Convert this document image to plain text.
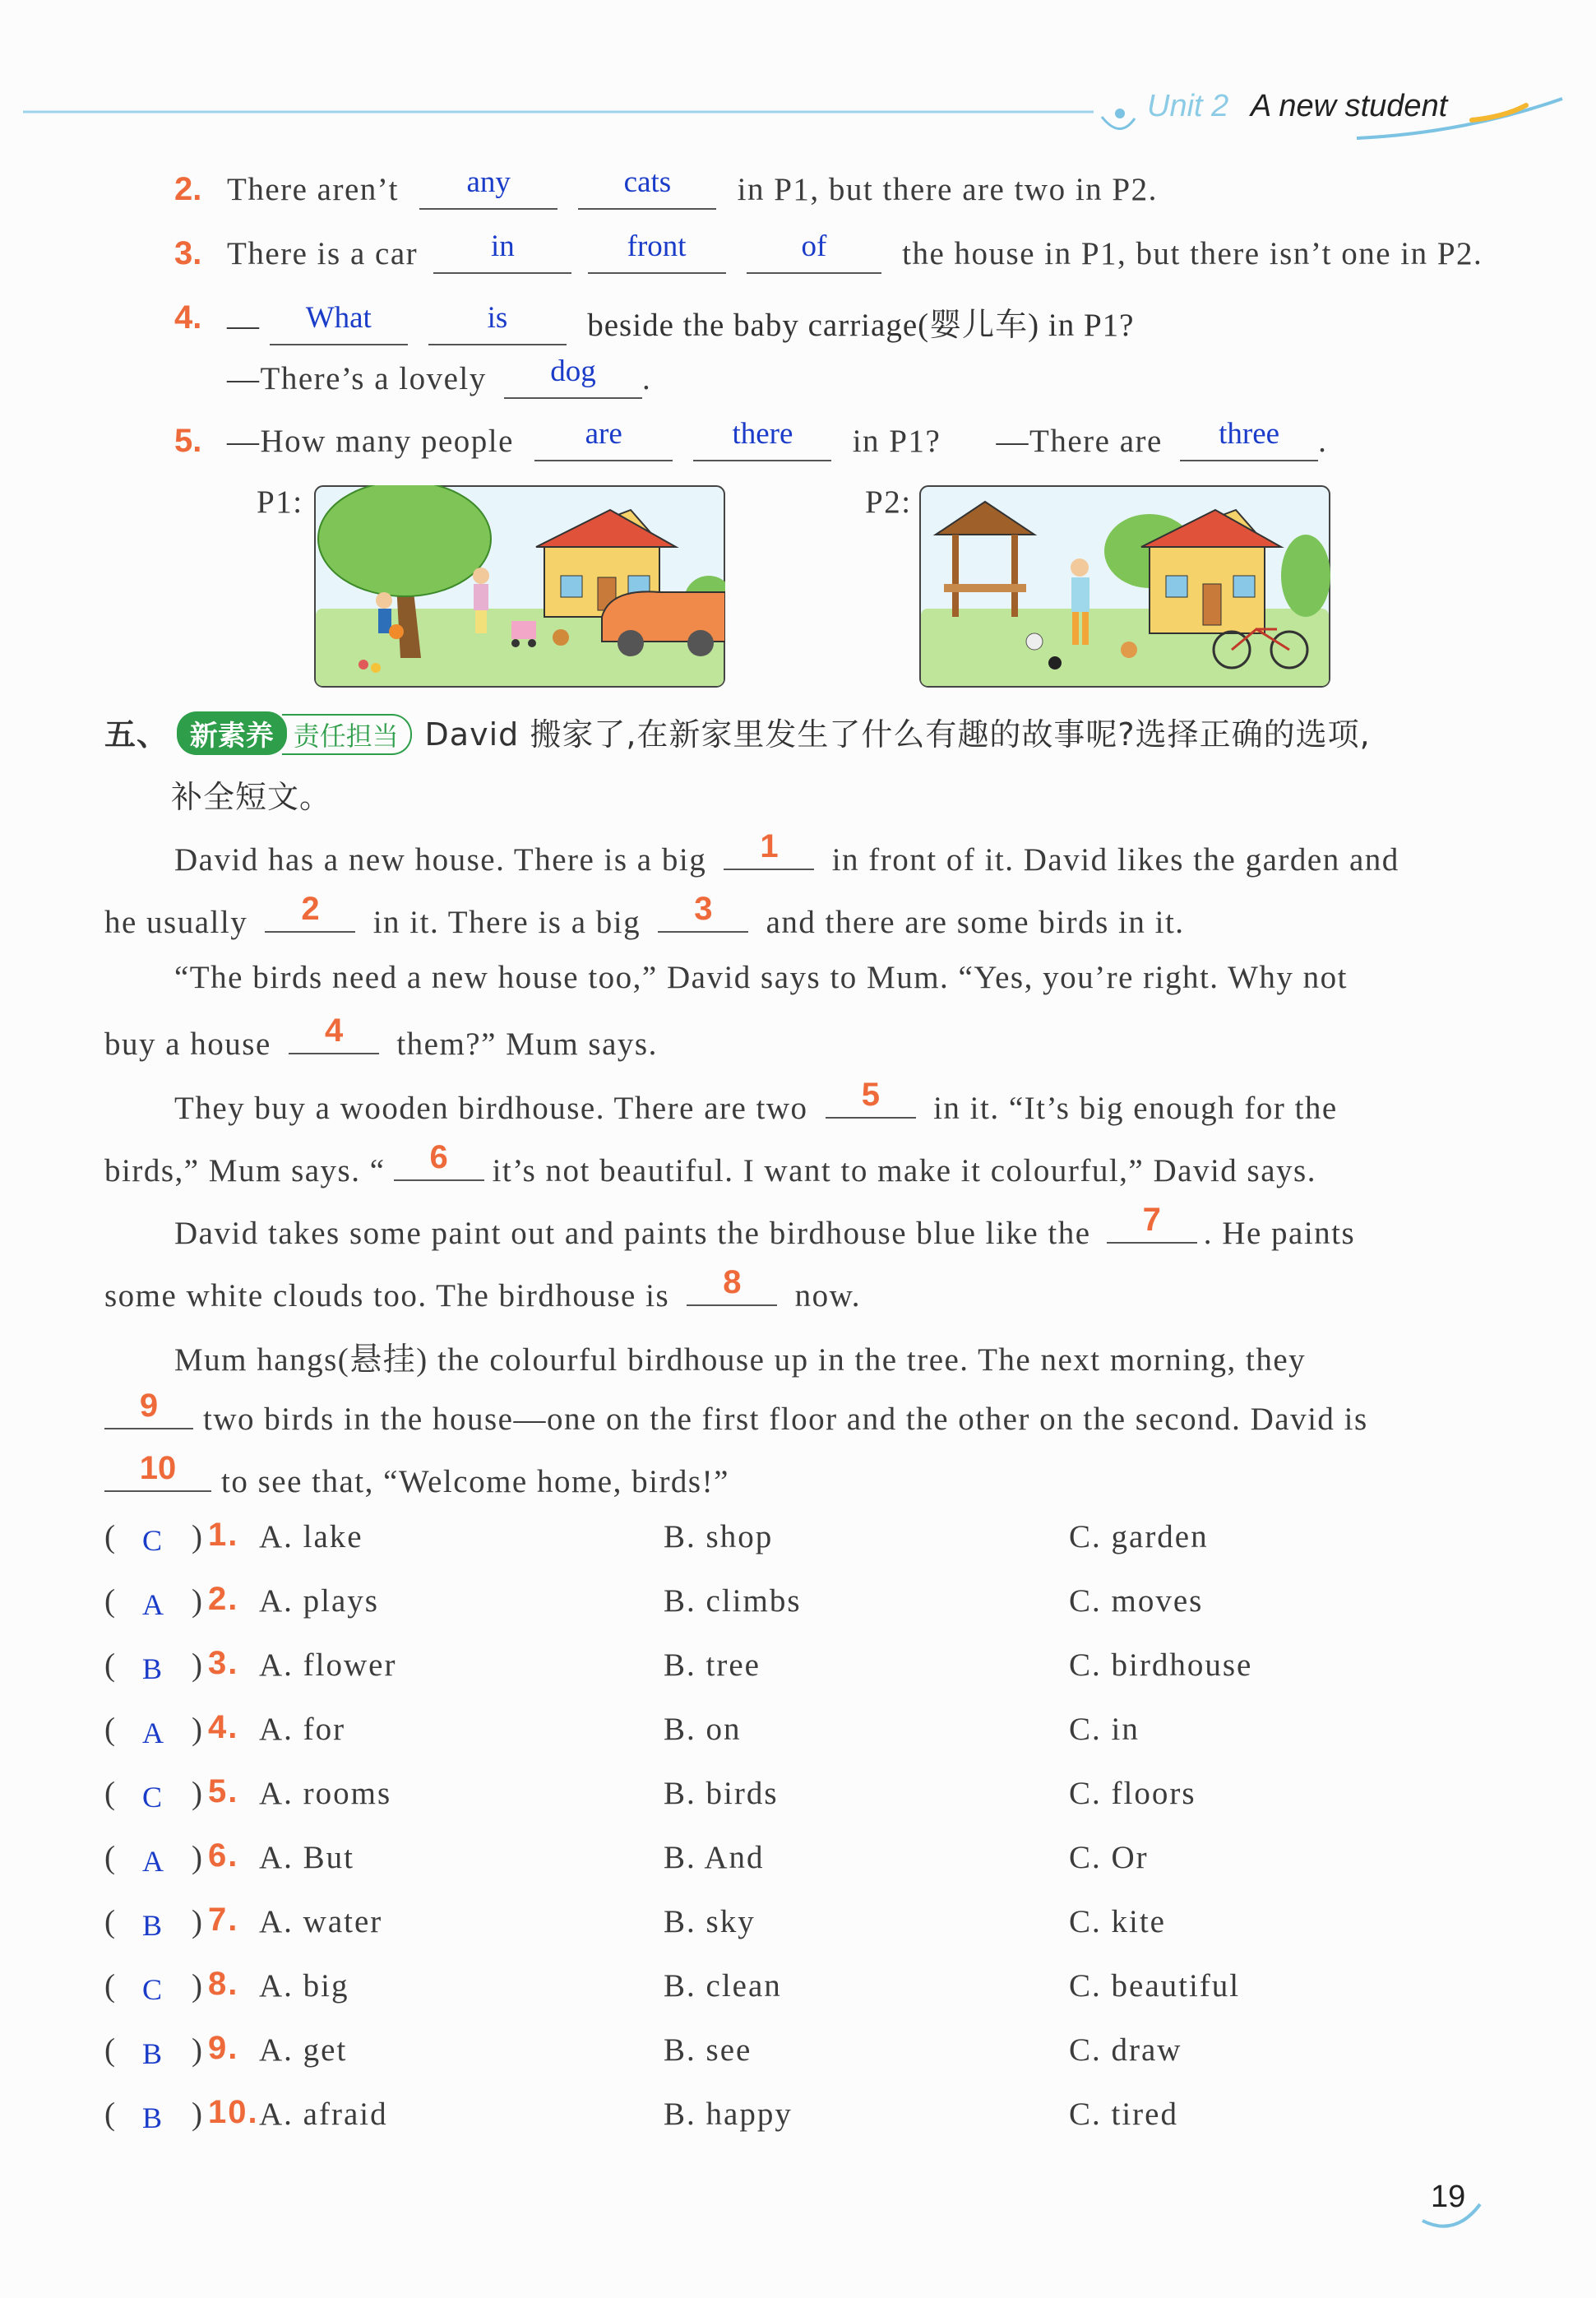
Unit 2 A new student
2. There aren’t	any
	cats	in P1, but there are two in P2.
3. There is a car	in
	front
	of	the house in P1, but there isn’t one in P2.
4. —	What
	is	beside the baby carriage(婴儿车) in P1?
—There’s a lovely	dog	.
5. —How many people	are
	there	in P1? —There are	three	.
P1:	P2:
五、 新素养 责任担当 David 搬家了,在新家里发生了什么有趣的故事呢?选择正确的选项,
补全短文。
David has a new house. There is a big	1	in front of it. David likes the garden and
he usually	2	in it. There is a big	3	and there are some birds in it.
“The birds need a new house too,” David says to Mum. “Yes, you’re right. Why not
buy a house	4	them?” Mum says.
They buy a wooden birdhouse. There are two	5	in it. “It’s big enough for the
birds,” Mum says. “	6	it’s not beautiful. I want to make it colourful,” David says.
David takes some paint out and paints the birdhouse blue like the	7	. He paints
some white clouds too. The birdhouse is	8	now.
Mum hangs(悬挂) the colourful birdhouse up in the tree. The next morning, they
9	two birds in the house—one on the first floor and the other on the second. David is
10	to see that, “Welcome home, birds!”
( C ) 1. A. lake	B. shop	C. garden
( A ) 2. A. plays	B. climbs	C. moves
( B ) 3. A. flower	B. tree	C. birdhouse
( A ) 4. A. for	B. on	C. in
( C ) 5. A. rooms	B. birds	C. floors
( A ) 6. A. But	B. And	C. Or
( B ) 7. A. water	B. sky	C. kite
( C ) 8. A. big	B. clean	C. beautiful
( B ) 9. A. get	B. see	C. draw
( B ) 10. A. afraid	B. happy	C. tired
19
